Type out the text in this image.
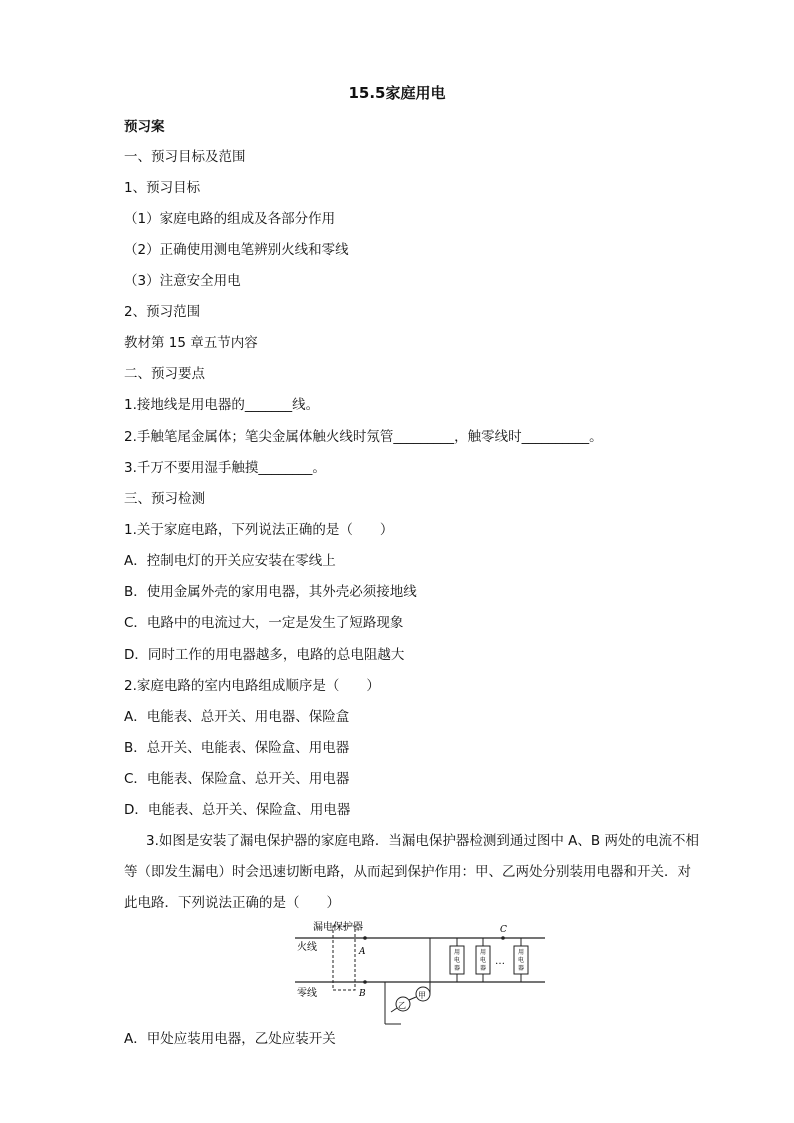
15.5家庭用电
预习案
一、预习目标及范围
1、预习目标
（1）家庭电路的组成及各部分作用
（2）正确使用测电笔辨别火线和零线
（3）注意安全用电
2、预习范围
教材第 15 章五节内容
二、预习要点
1.接地线是用电器的_______线。
2.手触笔尾金属体；笔尖金属体触火线时氖管_________，触零线时__________。
3.千万不要用湿手触摸________。
三、预习检测
1.关于家庭电路，下列说法正确的是（　　）
A．控制电灯的开关应安装在零线上
B．使用金属外壳的家用电器，其外壳必须接地线
C．电路中的电流过大，一定是发生了短路现象
D．同时工作的用电器越多，电路的总电阻越大
2.家庭电路的室内电路组成顺序是（　　）
A．电能表、总开关、用电器、保险盒
B．总开关、电能表、保险盒、用电器
C．电能表、保险盒、总开关、用电器
D．电能表、总开关、保险盒、用电器
3.如图是安装了漏电保护器的家庭电路．当漏电保护器检测到通过图中 A、B 两处的电流不相等（即发生漏电）时会迅速切断电路，从而起到保护作用：甲、乙两处分别装用电器和开关．对此电路．下列说法正确的是（　　）
漏电保护器
火线
零线
A
B
C
乙
甲
用电器
用电器
…
用电器
A．甲处应装用电器，乙处应装开关
